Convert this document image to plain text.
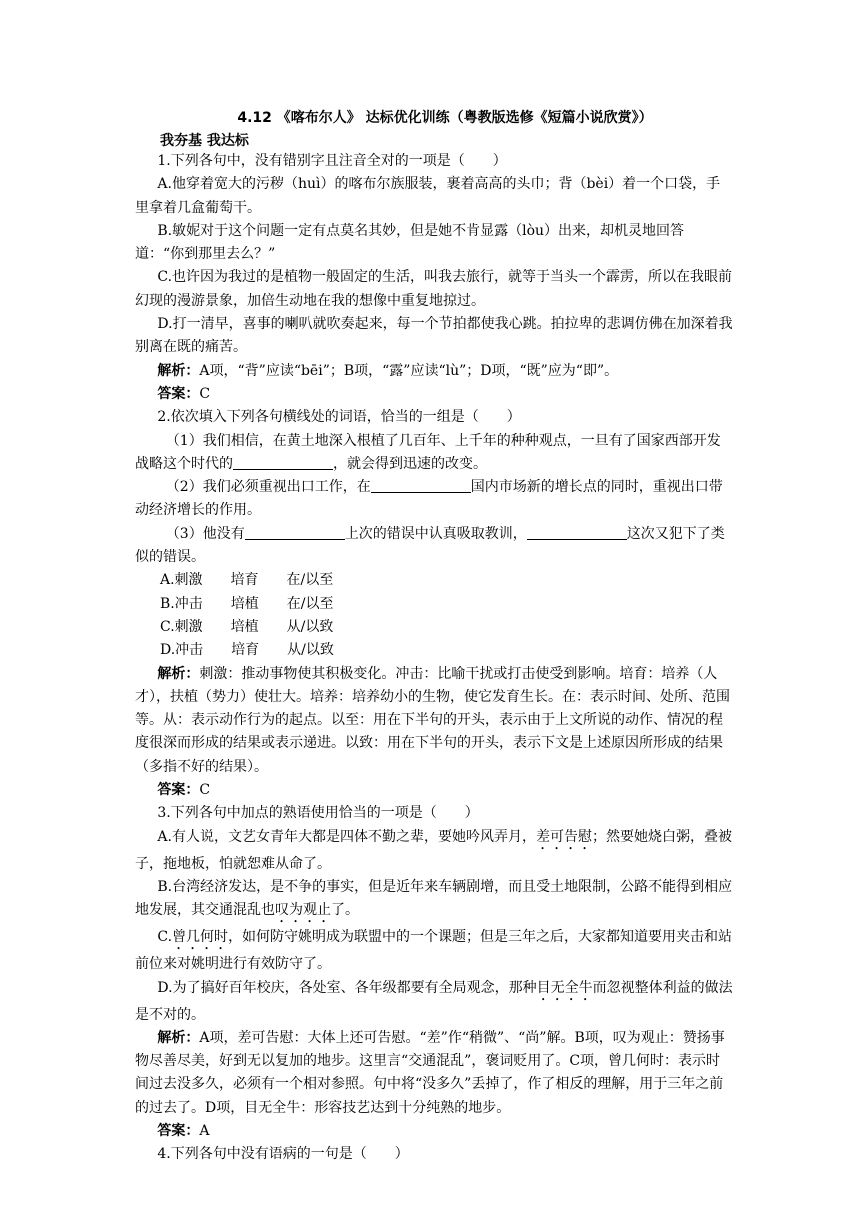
4.12 《喀布尔人》 达标优化训练（粤教版选修《短篇小说欣赏》）
我夯基 我达标

1.下列各句中，没有错别字且注音全对的一项是（　　）

A.他穿着宽大的污秽（huì）的喀布尔族服装，裹着高高的头巾；背（bèi）着一个口袋，手里拿着几盒葡萄干。

B.敏妮对于这个问题一定有点莫名其妙，但是她不肯显露（lòu）出来，却机灵地回答道：“你到那里去么？”

C.也许因为我过的是植物一般固定的生活，叫我去旅行，就等于当头一个霹雳，所以在我眼前幻现的漫游景象，加倍生动地在我的想像中重复地掠过。

D.打一清早，喜事的喇叭就吹奏起来，每一个节拍都使我心跳。拍拉卑的悲调仿佛在加深着我别离在既的痛苦。

解析：A项，“背”应读“bēi”；B项，“露”应读“lù”；D项，“既”应为“即”。

答案：C

2.依次填入下列各句横线处的词语，恰当的一组是（　　）

（1）我们相信，在黄土地深入根植了几百年、上千年的种种观点，一旦有了国家西部开发战略这个时代的	，就会得到迅速的改变。

（2）我们必须重视出口工作，在	国内市场新的增长点的同时，重视出口带动经济增长的作用。

（3）他没有	上次的错误中认真吸取教训，	这次又犯下了类似的错误。

A.刺激　　培育　　在/以至
B.冲击　　培植　　在/以至
C.刺激　　培植　　从/以致
D.冲击　　培育　　从/以致

解析：刺激：推动事物使其积极变化。冲击：比喻干扰或打击使受到影响。培育：培养（人才），扶植（势力）使壮大。培养：培养幼小的生物，使它发育生长。在：表示时间、处所、范围等。从：表示动作行为的起点。以至：用在下半句的开头，表示由于上文所说的动作、情况的程度很深而形成的结果或表示递进。以致：用在下半句的开头，表示下文是上述原因所形成的结果（多指不好的结果）。

答案：C

3.下列各句中加点的熟语使用恰当的一项是（　　）

A.有人说，文艺女青年大都是四体不勤之辈，要她吟风弄月，差可告慰；然要她烧白粥，叠被子，拖地板，怕就恕难从命了。

B.台湾经济发达，是不争的事实，但是近年来车辆剧增，而且受土地限制，公路不能得到相应地发展，其交通混乱也叹为观止了。

C.曾几何时，如何防守姚明成为联盟中的一个课题；但是三年之后，大家都知道要用夹击和站前位来对姚明进行有效防守了。

D.为了搞好百年校庆，各处室、各年级都要有全局观念，那种目无全牛而忽视整体利益的做法是不对的。

解析：A项，差可告慰：大体上还可告慰。“差”作“稍微”、“尚”解。B项，叹为观止：赞扬事物尽善尽美，好到无以复加的地步。这里言“交通混乱”，褒词贬用了。C项，曾几何时：表示时间过去没多久，必须有一个相对参照。句中将“没多久”丢掉了，作了相反的理解，用于三年之前的过去了。D项，目无全牛：形容技艺达到十分纯熟的地步。

答案：A

4.下列各句中没有语病的一句是（　　）
